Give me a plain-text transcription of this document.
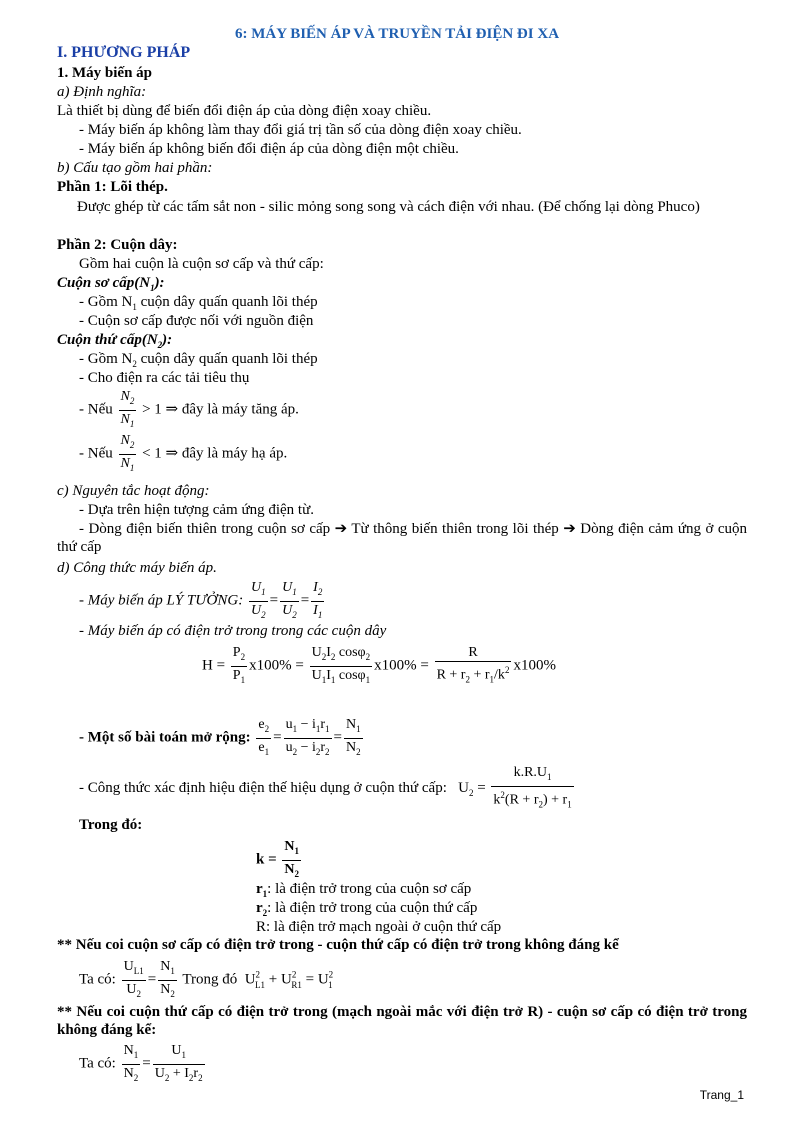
6: MÁY BIẾN ÁP VÀ TRUYỀN TẢI ĐIỆN ĐI XA
I. PHƯƠNG PHÁP
1. Máy biến áp
a) Định nghĩa:
Là thiết bị dùng để biến đổi điện áp của dòng điện xoay chiều.
- Máy biến áp không làm thay đổi giá trị tần số của dòng điện xoay chiều.
- Máy biến áp không biến đổi điện áp của dòng điện một chiều.
b) Cấu tạo gồm hai phần:
Phần 1: Lõi thép.
Được ghép từ các tấm sắt non - silic mỏng song song và cách điện với nhau. (Để chống lại dòng Phuco)
Phần 2: Cuộn dây:
Gồm hai cuộn là cuộn sơ cấp và thứ cấp:
Cuộn sơ $cấp(N_1)$:
- Gồm $N_1$ cuộn dây quấn quanh lõi thép
- Cuộn sơ cấp được nối với nguồn điện
Cuộn thứ $cấp(N_2)$:
- Gồm $N_2$ cuộn dây quấn quanh lõi thép
- Cho điện ra các tải tiêu thụ
- Nếu $\frac{N_2}{N_1} > 1$ ⇒ đây là máy tăng áp.
- Nếu $\frac{N_2}{N_1} < 1$ ⇒ đây là máy hạ áp.
c) Nguyên tắc hoạt động:
- Dựa trên hiện tượng cảm ứng điện từ.
- Dòng điện biến thiên trong cuộn sơ cấp ➔ Từ thông biến thiên trong lõi thép ➔ Dòng điện cảm ứng ở cuộn thứ cấp
d) Công thức máy biến áp.
- Máy biến áp LÝ TƯỞNG: $\frac{U_1}{U_2} = \frac{U_1}{U_2} = \frac{I_2}{I_1}$
- Máy biến áp có điện trở trong trong các cuộn dây
$H = \frac{P_2}{P_1} x100\% = \frac{U_2I_2 \cos\varphi_2}{U_1I_1 \cos\varphi_1} x100\% = \frac{R}{R + r_2 + r_1/k^2} x100\%$
- Một số bài toán mở rộng: $\frac{e_2}{e_1} = \frac{u_1 - i_1r_1}{u_2 - i_2r_2} = \frac{N_1}{N_2}$
- Công thức xác định hiệu điện thế hiệu dụng ở cuộn thứ cấp:   $U_2 = \frac{k.R.U_1}{k^2(R + r_2) + r_1}$
Trong đó:
$k = \frac{N_1}{N_2}$
$r_1$: là điện trở trong của cuộn sơ cấp
$r_2$: là điện trở trong của cuộn thứ cấp
R: là điện trở mạch ngoài ở cuộn thứ cấp
** Nếu coi cuộn sơ cấp có điện trở trong - cuộn thứ cấp có điện trở trong không đáng kể
Ta có: $\frac{U_{L1}}{U_2} = \frac{N_1}{N_2}$ Trong đó  $U^2_{L1} + U^2_{R1} = U^2_1$
** Nếu coi cuộn thứ cấp có điện trở trong (mạch ngoài mắc với điện trở R) - cuộn sơ cấp có điện trở trong không đáng kể:
Ta có: $\frac{N_1}{N_2} = \frac{U_1}{U_2 + I_2r_2}$
Trang_1
